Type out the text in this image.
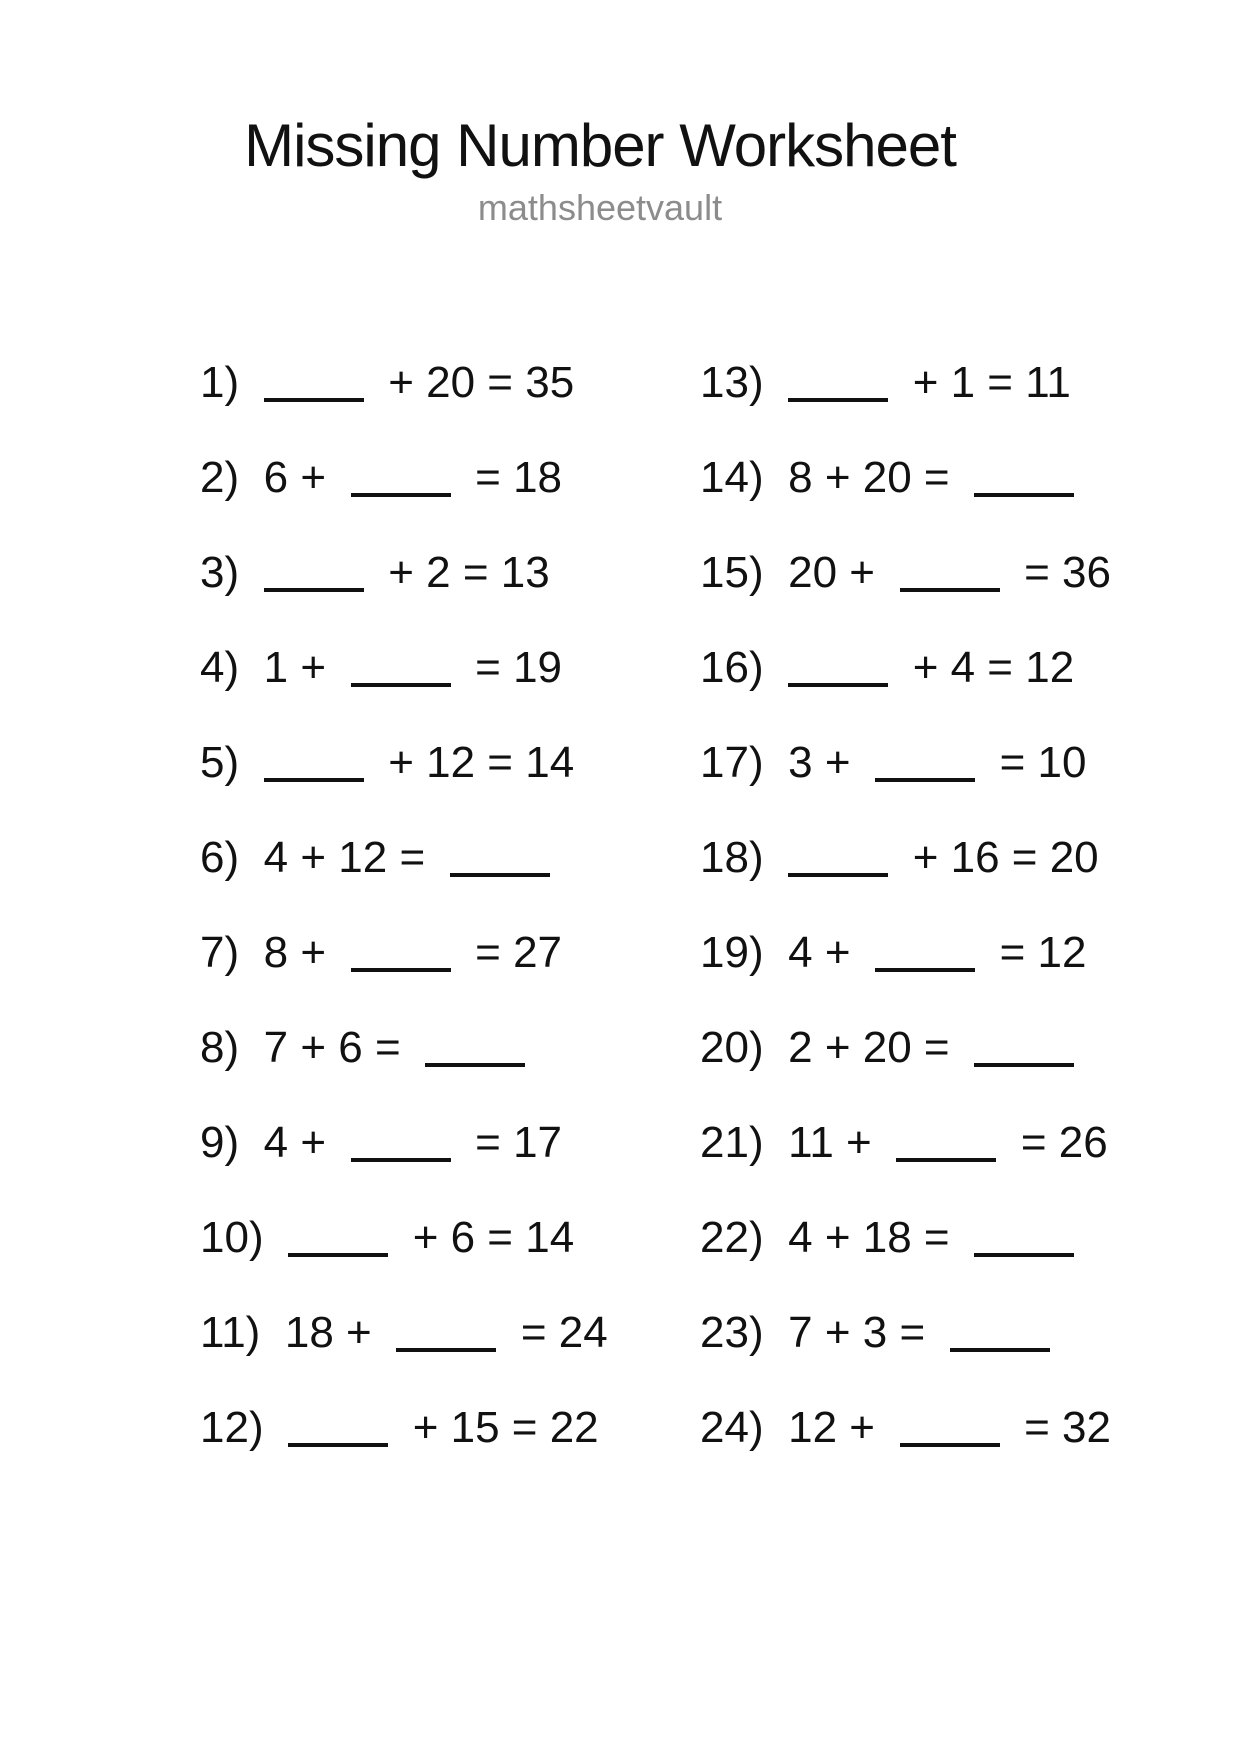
Missing Number Worksheet
mathsheetvault
1)	+ 20 = 35
2) 6 +	= 18
3)	+ 2 = 13
4) 1 +	= 19
5)	+ 12 = 14
6) 4 + 12 =
7) 8 +	= 27
8) 7 + 6 =
9) 4 +	= 17
10)	+ 6 = 14
11) 18 +	= 24
12)	+ 15 = 22
13)	+ 1 = 11
14) 8 + 20 =
15) 20 +	= 36
16)	+ 4 = 12
17) 3 +	= 10
18)	+ 16 = 20
19) 4 +	= 12
20) 2 + 20 =
21) 11 +	= 26
22) 4 + 18 =
23) 7 + 3 =
24) 12 +	= 32
